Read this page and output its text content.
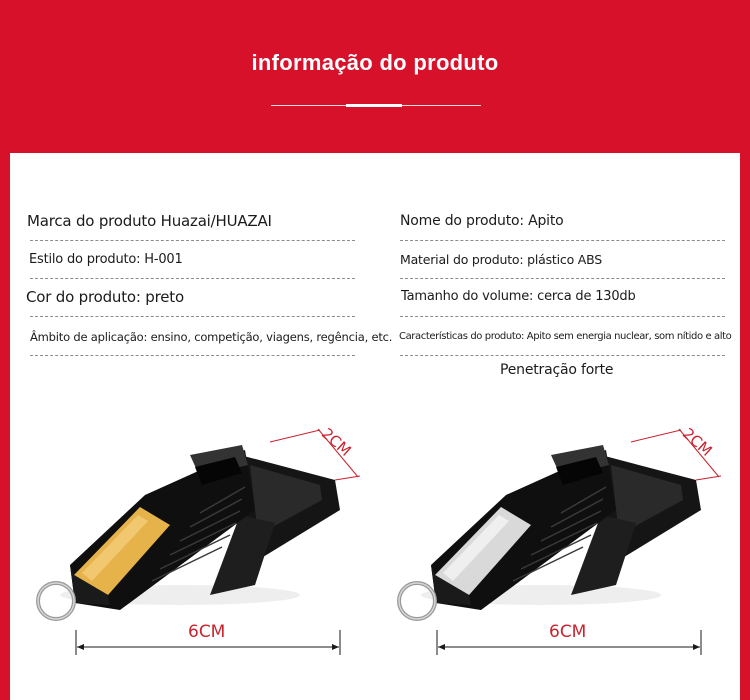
informação do produto
Marca do produto Huazai/HUAZAI
Estilo do produto: H-001
Cor do produto: preto
Âmbito de aplicação: ensino, competição, viagens, regência, etc.
Nome do produto: Apito
Material do produto: plástico ABS
Tamanho do volume: cerca de 130db
Características do produto: Apito sem energia nuclear, som nítido e alto
Penetração forte
2CM
6CM
2CM
6CM
